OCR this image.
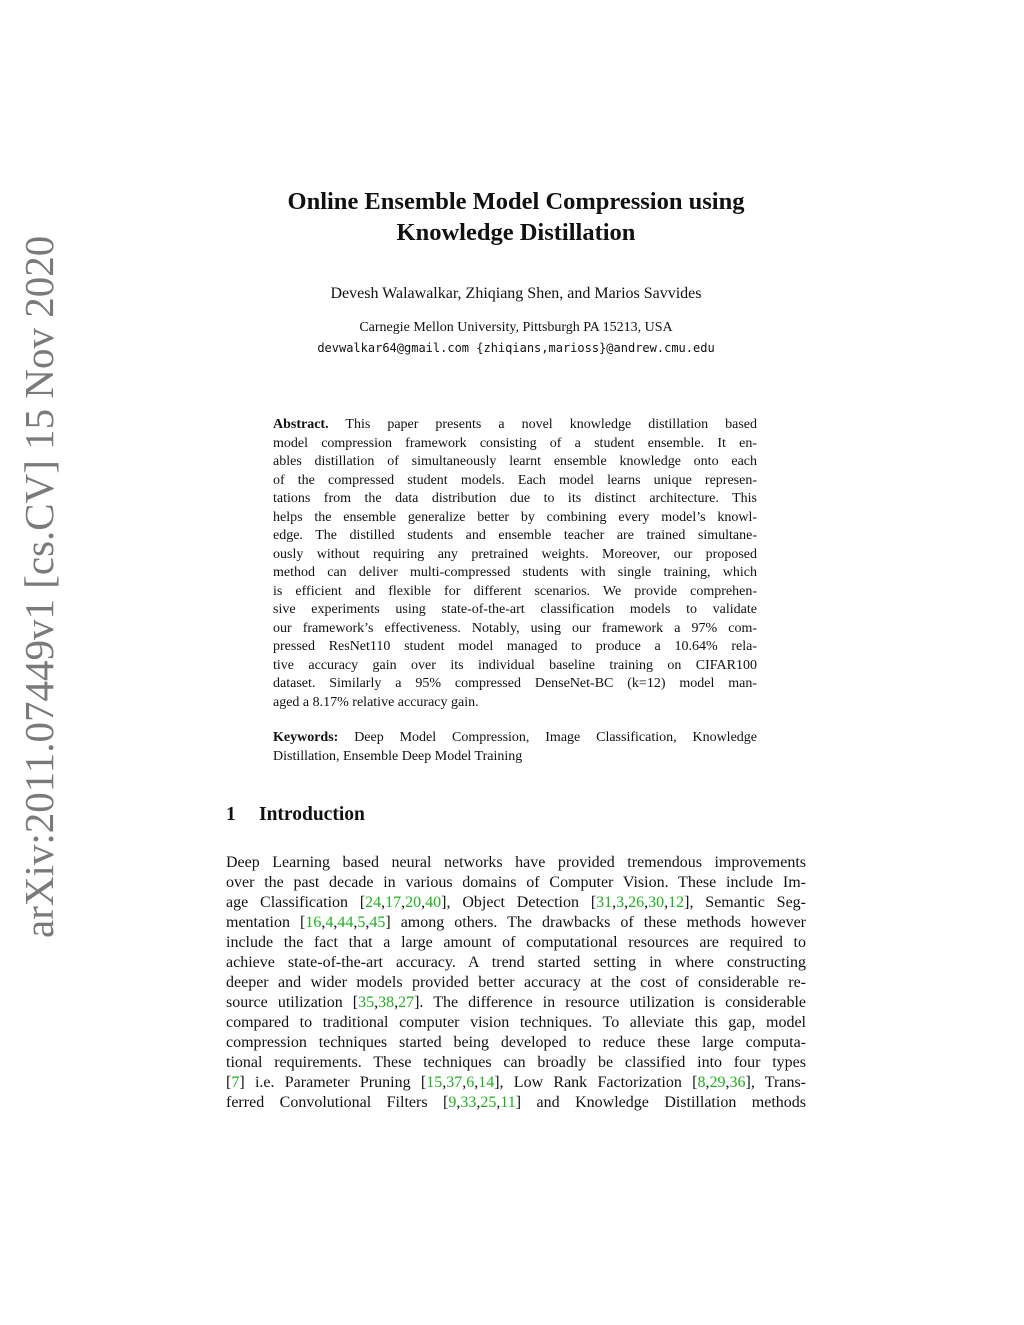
arXiv:2011.07449v1 [cs.CV] 15 Nov 2020
Online Ensemble Model Compression using
Knowledge Distillation
Devesh Walawalkar, Zhiqiang Shen, and Marios Savvides
Carnegie Mellon University, Pittsburgh PA 15213, USA
devwalkar64@gmail.com {zhiqians,marioss}@andrew.cmu.edu
Abstract. This paper presents a novel knowledge distillation based
model compression framework consisting of a student ensemble. It en-
ables distillation of simultaneously learnt ensemble knowledge onto each
of the compressed student models. Each model learns unique represen-
tations from the data distribution due to its distinct architecture. This
helps the ensemble generalize better by combining every model’s knowl-
edge. The distilled students and ensemble teacher are trained simultane-
ously without requiring any pretrained weights. Moreover, our proposed
method can deliver multi-compressed students with single training, which
is efficient and flexible for different scenarios. We provide comprehen-
sive experiments using state-of-the-art classification models to validate
our framework’s effectiveness. Notably, using our framework a 97% com-
pressed ResNet110 student model managed to produce a 10.64% rela-
tive accuracy gain over its individual baseline training on CIFAR100
dataset. Similarly a 95% compressed DenseNet-BC (k=12) model man-
aged a 8.17% relative accuracy gain.
Keywords: Deep Model Compression, Image Classification, Knowledge
Distillation, Ensemble Deep Model Training
1 Introduction
Deep Learning based neural networks have provided tremendous improvements
over the past decade in various domains of Computer Vision. These include Im-
age Classification [24,17,20,40], Object Detection [31,3,26,30,12], Semantic Seg-
mentation [16,4,44,5,45] among others. The drawbacks of these methods however
include the fact that a large amount of computational resources are required to
achieve state-of-the-art accuracy. A trend started setting in where constructing
deeper and wider models provided better accuracy at the cost of considerable re-
source utilization [35,38,27]. The difference in resource utilization is considerable
compared to traditional computer vision techniques. To alleviate this gap, model
compression techniques started being developed to reduce these large computa-
tional requirements. These techniques can broadly be classified into four types
[7] i.e. Parameter Pruning [15,37,6,14], Low Rank Factorization [8,29,36], Trans-
ferred Convolutional Filters [9,33,25,11] and Knowledge Distillation methods
